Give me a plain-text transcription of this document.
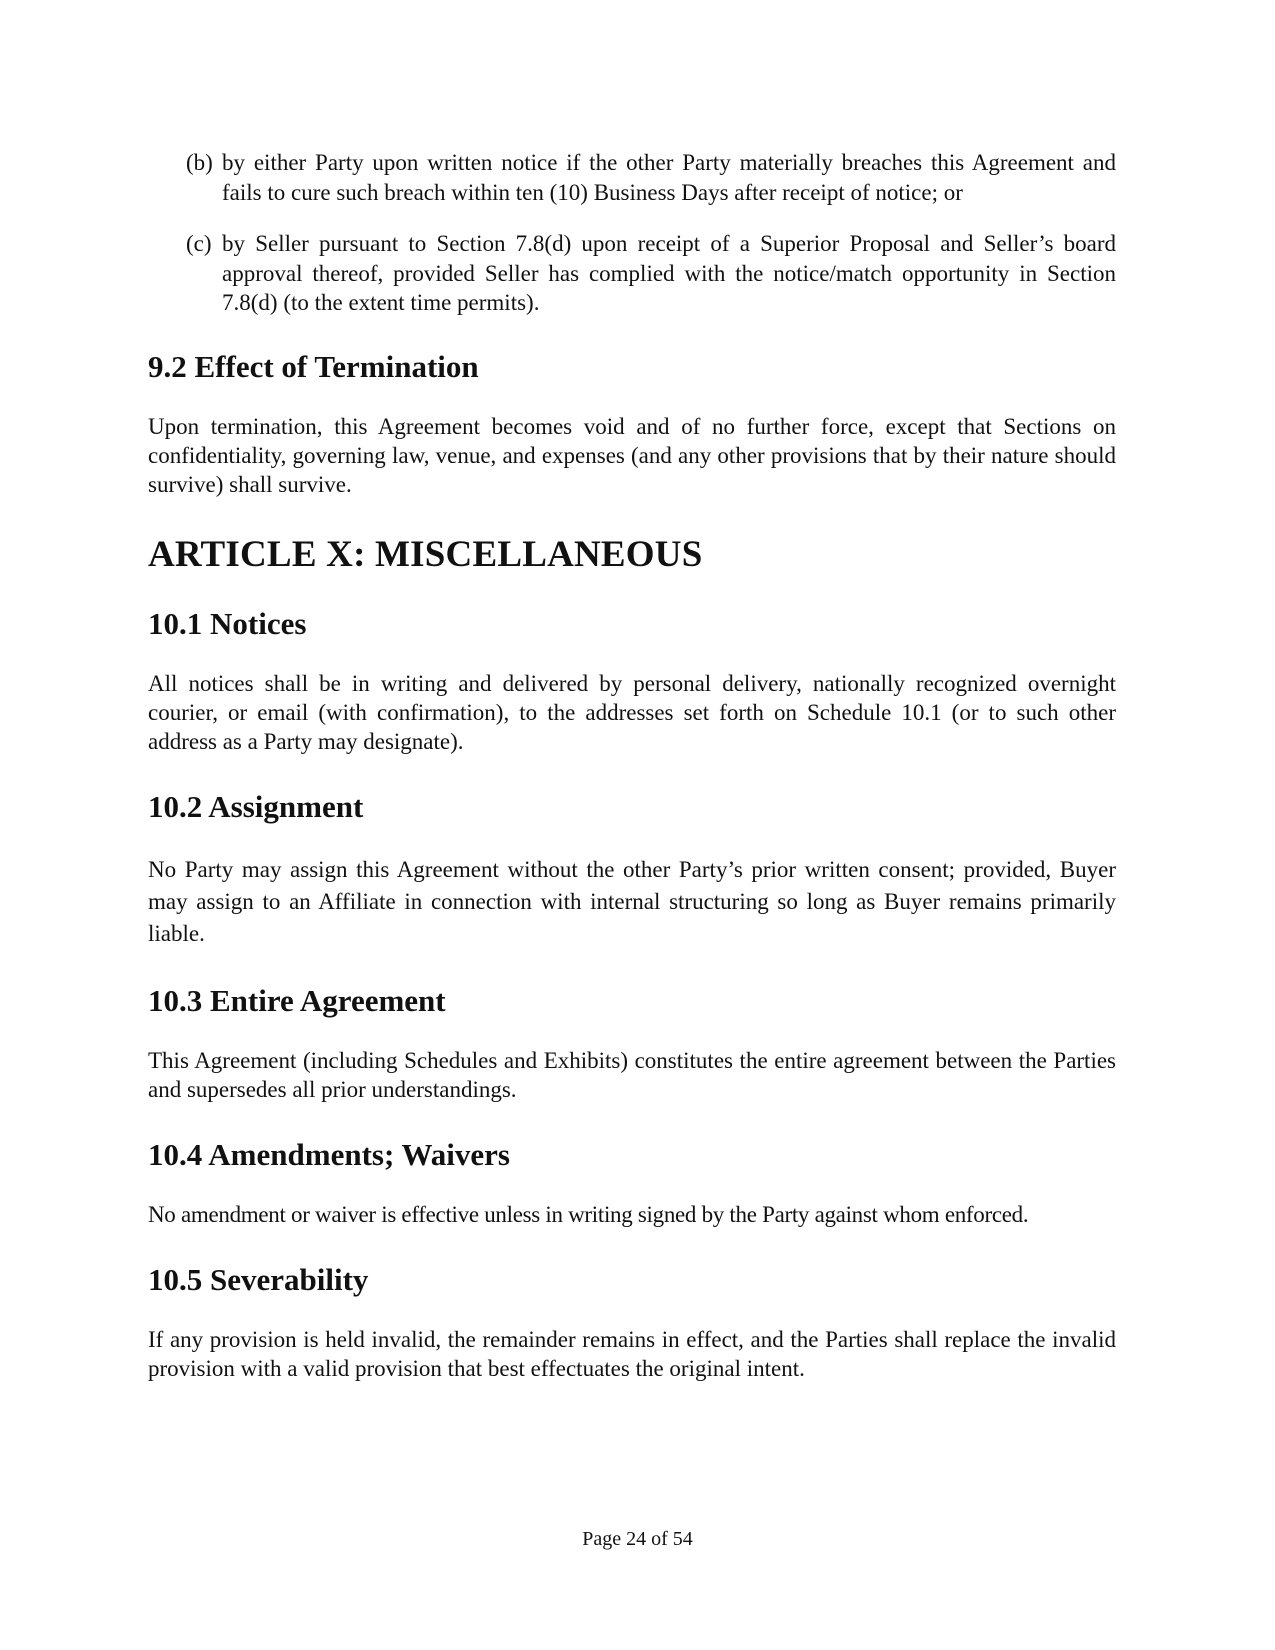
(b) by either Party upon written notice if the other Party materially breaches this Agreement and fails to cure such breach within ten (10) Business Days after receipt of notice; or
(c) by Seller pursuant to Section 7.8(d) upon receipt of a Superior Proposal and Seller’s board approval thereof, provided Seller has complied with the notice/match opportunity in Section 7.8(d) (to the extent time permits).
9.2 Effect of Termination

Upon termination, this Agreement becomes void and of no further force, except that Sections on confidentiality, governing law, venue, and expenses (and any other provisions that by their nature should survive) shall survive.

ARTICLE X: MISCELLANEOUS
10.1 Notices

All notices shall be in writing and delivered by personal delivery, nationally recognized overnight courier, or email (with confirmation), to the addresses set forth on Schedule 10.1 (or to such other address as a Party may designate).

10.2 Assignment

No Party may assign this Agreement without the other Party’s prior written consent; provided, Buyer may assign to an Affiliate in connection with internal structuring so long as Buyer remains primarily liable.

10.3 Entire Agreement

This Agreement (including Schedules and Exhibits) constitutes the entire agreement between the Parties and supersedes all prior understandings.

10.4 Amendments; Waivers

No amendment or waiver is effective unless in writing signed by the Party against whom enforced.

10.5 Severability

If any provision is held invalid, the remainder remains in effect, and the Parties shall replace the invalid provision with a valid provision that best effectuates the original intent.

Page 24 of 54
